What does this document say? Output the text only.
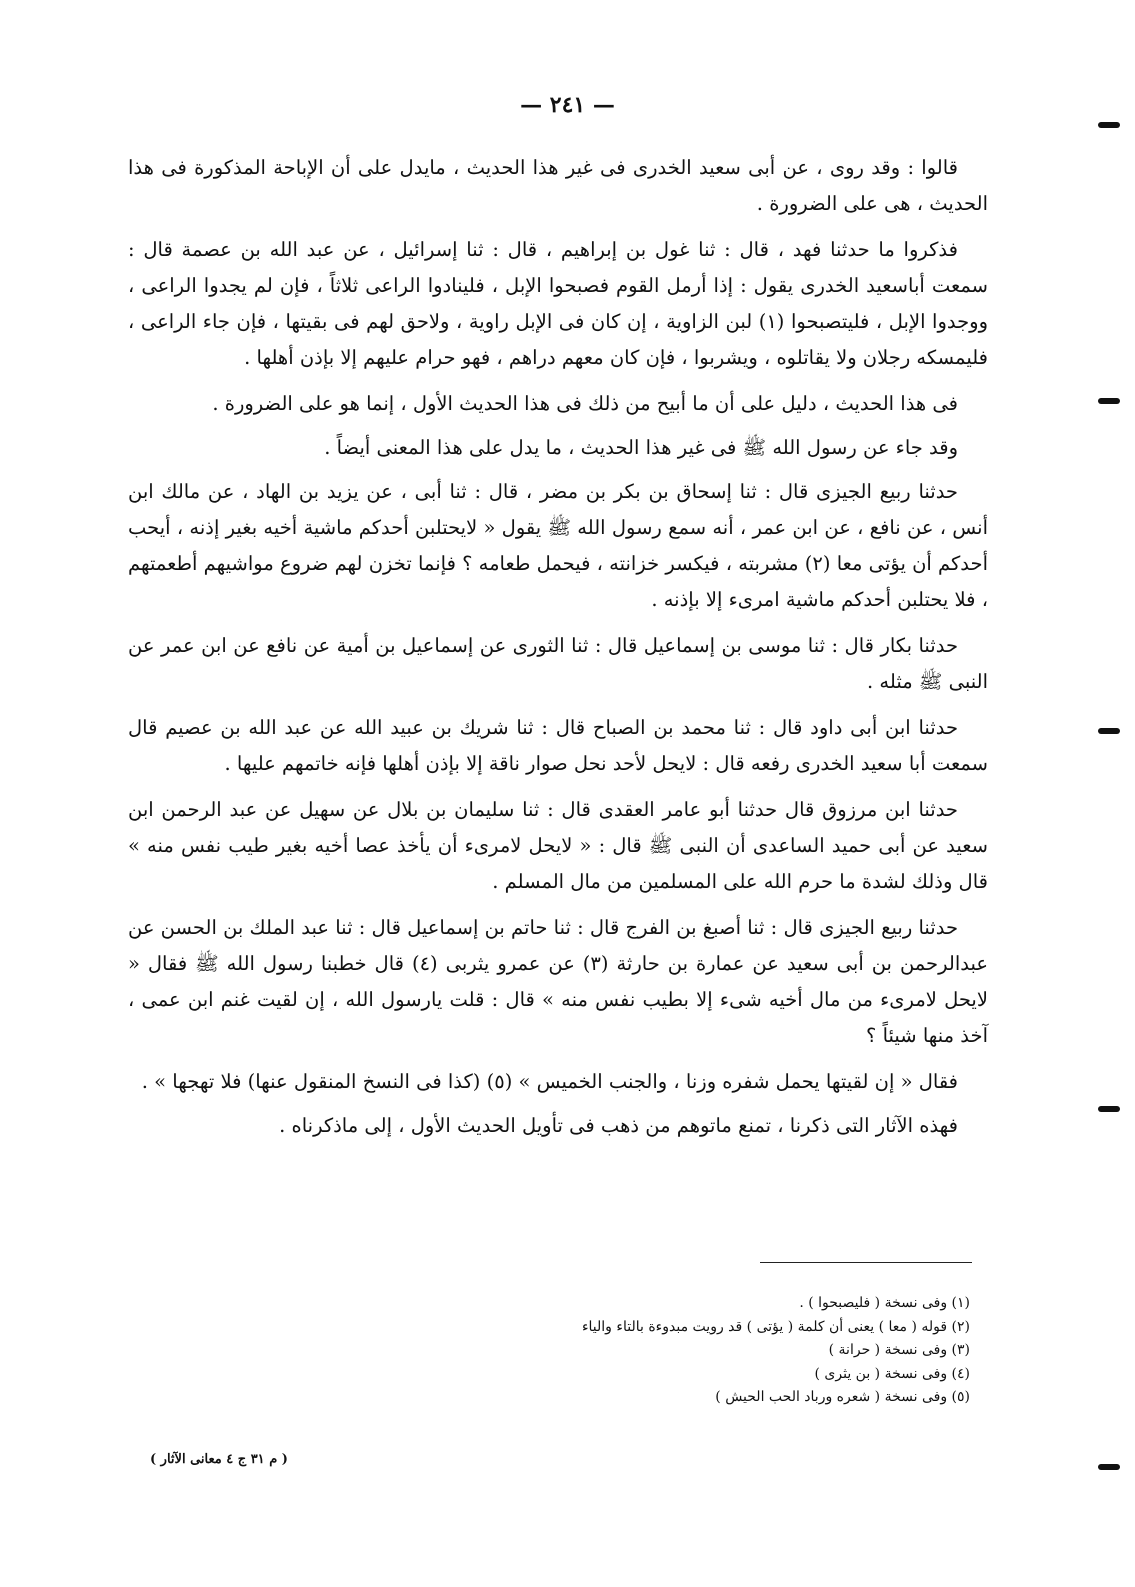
— ٢٤١ —

قالوا : وقد روى ، عن أبى سعيد الخدرى فى غير هذا الحديث ، مايدل على أن الإباحة المذكورة فى هذا الحديث ، هى على الضرورة .

فذكروا ما حدثنا فهد ، قال : ثنا غول بن إبراهيم ، قال : ثنا إسرائيل ، عن عبد الله بن عصمة قال : سمعت أباسعيد الخدرى يقول : إذا أرمل القوم فصبحوا الإبل ، فلينادوا الراعى ثلاثاً ، فإن لم يجدوا الراعى ، ووجدوا الإبل ، فليتصبحوا (١) لبن الزاوية ، إن كان فى الإبل راوية ، ولاحق لهم فى بقيتها ، فإن جاء الراعى ، فليمسكه رجلان ولا يقاتلوه ، ويشربوا ، فإن كان معهم دراهم ، فهو حرام عليهم إلا بإذن أهلها .

فى هذا الحديث ، دليل على أن ما أبيح من ذلك فى هذا الحديث الأول ، إنما هو على الضرورة .

وقد جاء عن رسول الله ﷺ فى غير هذا الحديث ، ما يدل على هذا المعنى أيضاً .

حدثنا ربيع الجيزى قال : ثنا إسحاق بن بكر بن مضر ، قال : ثنا أبى ، عن يزيد بن الهاد ، عن مالك ابن أنس ، عن نافع ، عن ابن عمر ، أنه سمع رسول الله ﷺ يقول « لايحتلبن أحدكم ماشية أخيه بغير إذنه ، أيحب أحدكم أن يؤتى معا (٢) مشربته ، فيكسر خزانته ، فيحمل طعامه ؟ فإنما تخزن لهم ضروع مواشيهم أطعمتهم ، فلا يحتلبن أحدكم ماشية امرىء إلا بإذنه .

حدثنا بكار قال : ثنا موسى بن إسماعيل قال : ثنا الثورى عن إسماعيل بن أمية عن نافع عن ابن عمر عن النبى ﷺ مثله .

حدثنا ابن أبى داود قال : ثنا محمد بن الصباح قال : ثنا شريك بن عبيد الله عن عبد الله بن عصيم قال سمعت أبا سعيد الخدرى رفعه قال : لايحل لأحد نحل صوار ناقة إلا بإذن أهلها فإنه خاتمهم عليها .

حدثنا ابن مرزوق قال حدثنا أبو عامر العقدى قال : ثنا سليمان بن بلال عن سهيل عن عبد الرحمن ابن سعيد عن أبى حميد الساعدى أن النبى ﷺ قال : « لايحل لامرىء أن يأخذ عصا أخيه بغير طيب نفس منه » قال وذلك لشدة ما حرم الله على المسلمين من مال المسلم .

حدثنا ربيع الجيزى قال : ثنا أصبغ بن الفرج قال : ثنا حاتم بن إسماعيل قال : ثنا عبد الملك بن الحسن عن عبدالرحمن بن أبى سعيد عن عمارة بن حارثة (٣) عن عمرو يثربى (٤) قال خطبنا رسول الله ﷺ فقال « لايحل لامرىء من مال أخيه شىء إلا بطيب نفس منه » قال : قلت يارسول الله ، إن لقيت غنم ابن عمى ، آخذ منها شيئاً ؟

فقال « إن لقيتها يحمل شفره وزنا ، والجنب الخميس » (٥) (كذا فى النسخ المنقول عنها) فلا تهجها » .

فهذه الآثار التى ذكرنا ، تمنع ماتوهم من ذهب فى تأويل الحديث الأول ، إلى ماذكرناه .

(١) وفى نسخة ( فليصبحوا ) .

(٢) قوله ( معا ) يعنى أن كلمة ( يؤتى ) قد رويت مبدوءة بالتاء والياء

(٣) وفى نسخة ( حرانة )

(٤) وفى نسخة ( بن يثرى )

(٥) وفى نسخة ( شعره ورباد الحب الحيش )

( م ٣١ ج ٤ معانى الآثار )
